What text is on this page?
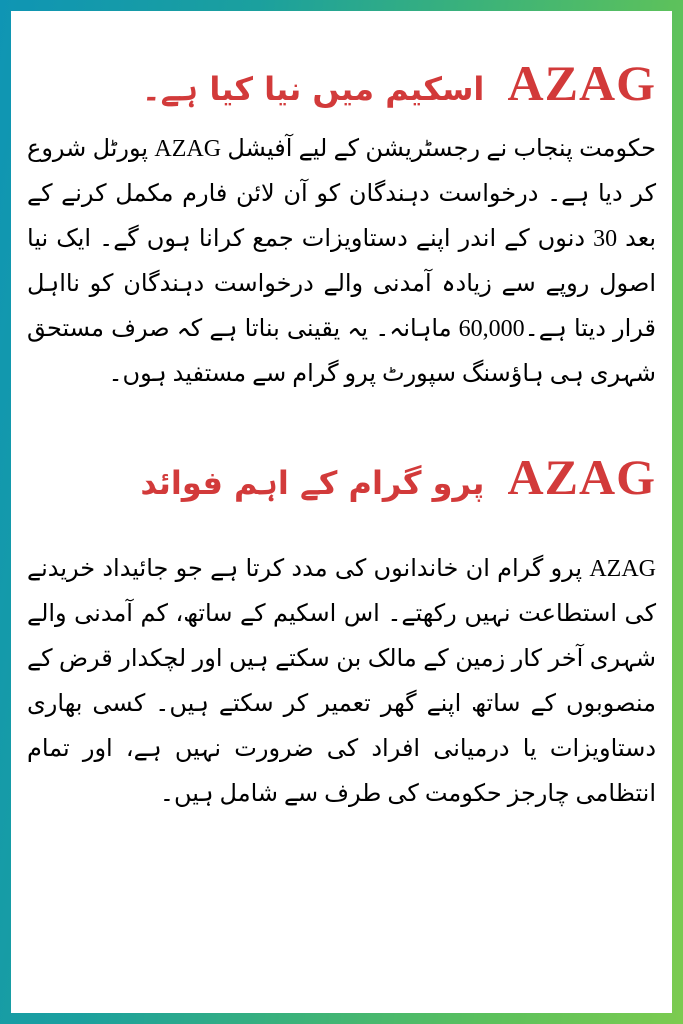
AZAG اسکیم میں نیا کیا ہے۔

حکومت پنجاب نے رجسٹریشن کے لیے آفیشل AZAG پورٹل شروع کر دیا ہے۔ درخواست دہندگان کو آن لائن فارم مکمل کرنے کے بعد 30 دنوں کے اندر اپنے دستاویزات جمع کرانا ہوں گے۔ ایک نیا اصول روپے سے زیادہ آمدنی والے درخواست دہندگان کو نااہل قرار دیتا ہے۔60,000 ماہانہ۔ یہ یقینی بناتا ہے کہ صرف مستحق شہری ہی ہاؤسنگ سپورٹ پرو گرام سے مستفید ہوں۔

AZAG پرو گرام کے اہم فوائد

AZAG پرو گرام ان خاندانوں کی مدد کرتا ہے جو جائیداد خریدنے کی استطاعت نہیں رکھتے۔ اس اسکیم کے ساتھ، کم آمدنی والے شہری آخر کار زمین کے مالک بن سکتے ہیں اور لچکدار قرض کے منصوبوں کے ساتھ اپنے گھر تعمیر کر سکتے ہیں۔ کسی بھاری دستاویزات یا درمیانی افراد کی ضرورت نہیں ہے، اور تمام انتظامی چارجز حکومت کی طرف سے شامل ہیں۔
